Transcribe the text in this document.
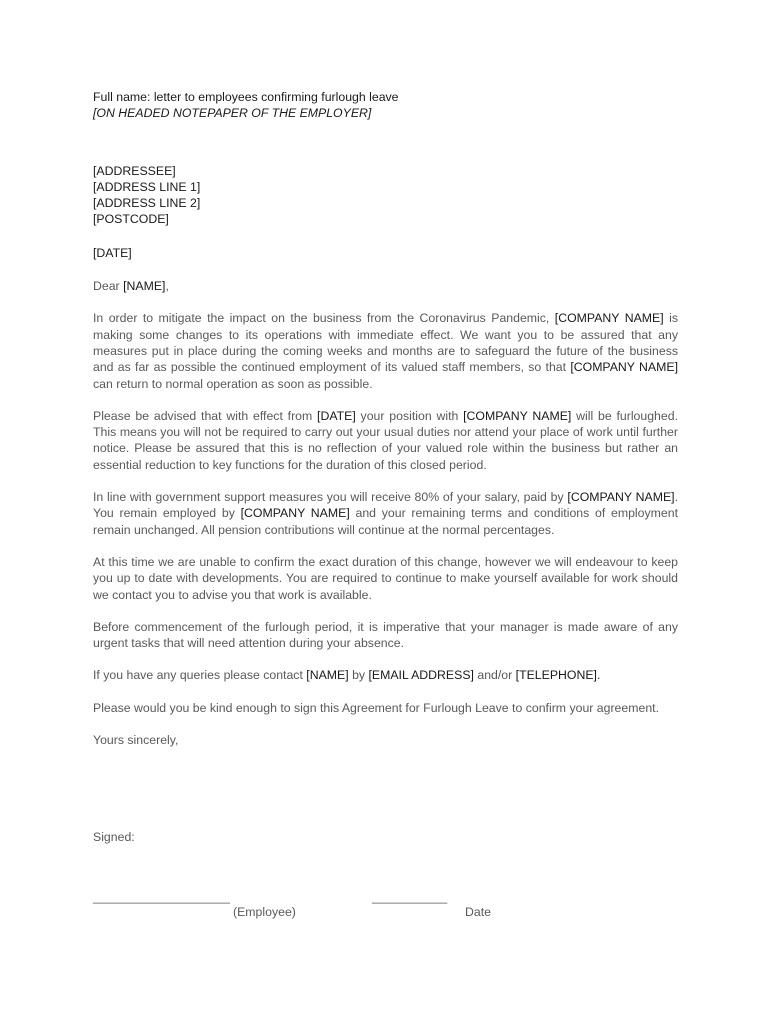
Full name: letter to employees confirming furlough leave
[ON HEADED NOTEPAPER OF THE EMPLOYER]
[ADDRESSEE]
[ADDRESS LINE 1]
[ADDRESS LINE 2]
[POSTCODE]
[DATE]
Dear [NAME],
In order to mitigate the impact on the business from the Coronavirus Pandemic, [COMPANY NAME] is making some changes to its operations with immediate effect. We want you to be assured that any measures put in place during the coming weeks and months are to safeguard the future of the business and as far as possible the continued employment of its valued staff members, so that [COMPANY NAME] can return to normal operation as soon as possible.
Please be advised that with effect from [DATE] your position with [COMPANY NAME] will be furloughed. This means you will not be required to carry out your usual duties nor attend your place of work until further notice. Please be assured that this is no reflection of your valued role within the business but rather an essential reduction to key functions for the duration of this closed period.
In line with government support measures you will receive 80% of your salary, paid by [COMPANY NAME]. You remain employed by [COMPANY NAME] and your remaining terms and conditions of employment remain unchanged. All pension contributions will continue at the normal percentages.
At this time we are unable to confirm the exact duration of this change, however we will endeavour to keep you up to date with developments. You are required to continue to make yourself available for work should we contact you to advise you that work is available.
Before commencement of the furlough period, it is imperative that your manager is made aware of any urgent tasks that will need attention during your absence.
If you have any queries please contact [NAME] by [EMAIL ADDRESS] and/or [TELEPHONE].
Please would you be kind enough to sign this Agreement for Furlough Leave to confirm your agreement.
Yours sincerely,
Signed:
____________________	___________
(Employee)	Date
